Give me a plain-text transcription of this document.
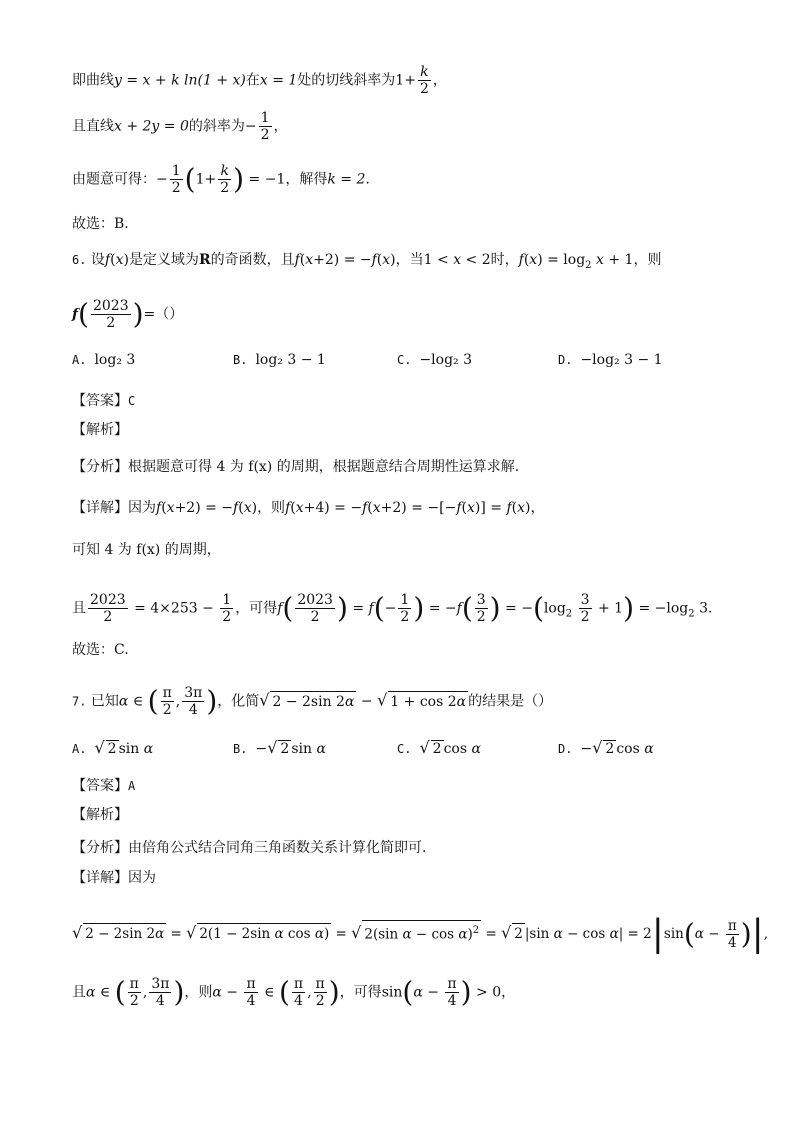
即曲线y = x + k ln(1 + x)在x = 1处的切线斜率为$1+ \frac{k}{2}$ ，
且直线x + 2y = 0的斜率为− $\frac{1}{2}$ ，
由题意可得：− $\frac{1}{2} (1+ \frac{k}{2}$ ) = −1，解得k = 2.
故选：B.
6. 设f(x)是定义域为R的奇函数，且f(x+2) = −f(x)，当1 < x < 2时，$f(x) = \log_2 x + 1$，则
$f( \frac{2023}{2}$ )=（）
A. log₂ 3	B. log₂ 3 − 1	C. −log₂ 3	D. −log₂ 3 − 1
【答案】C
【解析】
【分析】根据题意可得 4 为 f(x) 的周期，根据题意结合周期性运算求解.
【详解】因为f(x+2) = −f(x)，则f(x+4) = −f(x+2) = −[−f(x)] = f(x)，
可知 4 为 f(x) 的周期，
且 $\frac{2023}{2} = 4\times 253 - \frac{1}{2}$ ，可得$f( \frac{2023}{2}$ ) = $f(- \frac{1}{2}$ ) = $-f( \frac{3}{2}$ ) = $-(\log_2 \frac{3}{2} + 1) = -\log_2$ 3.
故选：C.
7. 已知α ∈ ( $\frac{\pi}{2}$ , $\frac{3\pi}{4}$ )，化简√ 2 − 2sin 2α − √ 1 + cos 2α 的结果是（）
A. √ 2 sin α	B. −√ 2 sin α	C. √ 2 cos α	D. −√ 2 cos α
【答案】A
【解析】
【分析】由倍角公式结合同角三角函数关系计算化简即可.
【详解】因为
√ 2 − 2sin 2α = √ 2(1 − 2sin α cos α) = √ 2(sin α − cos α)$^2$ = √ 2 |sin $\alpha - \cos \alpha| = 2|\sin(\alpha - \frac{\pi}{4}$ )|,
且α ∈ ( $\frac{\pi}{2}$ , $\frac{3\pi}{4}$ )，则$\alpha - \frac{\pi}{4}$ ∈ ( $\frac{\pi}{4}$ , $\frac{\pi}{2}$ )，可得$\sin(\alpha - \frac{\pi}{4}$ ) > 0，
